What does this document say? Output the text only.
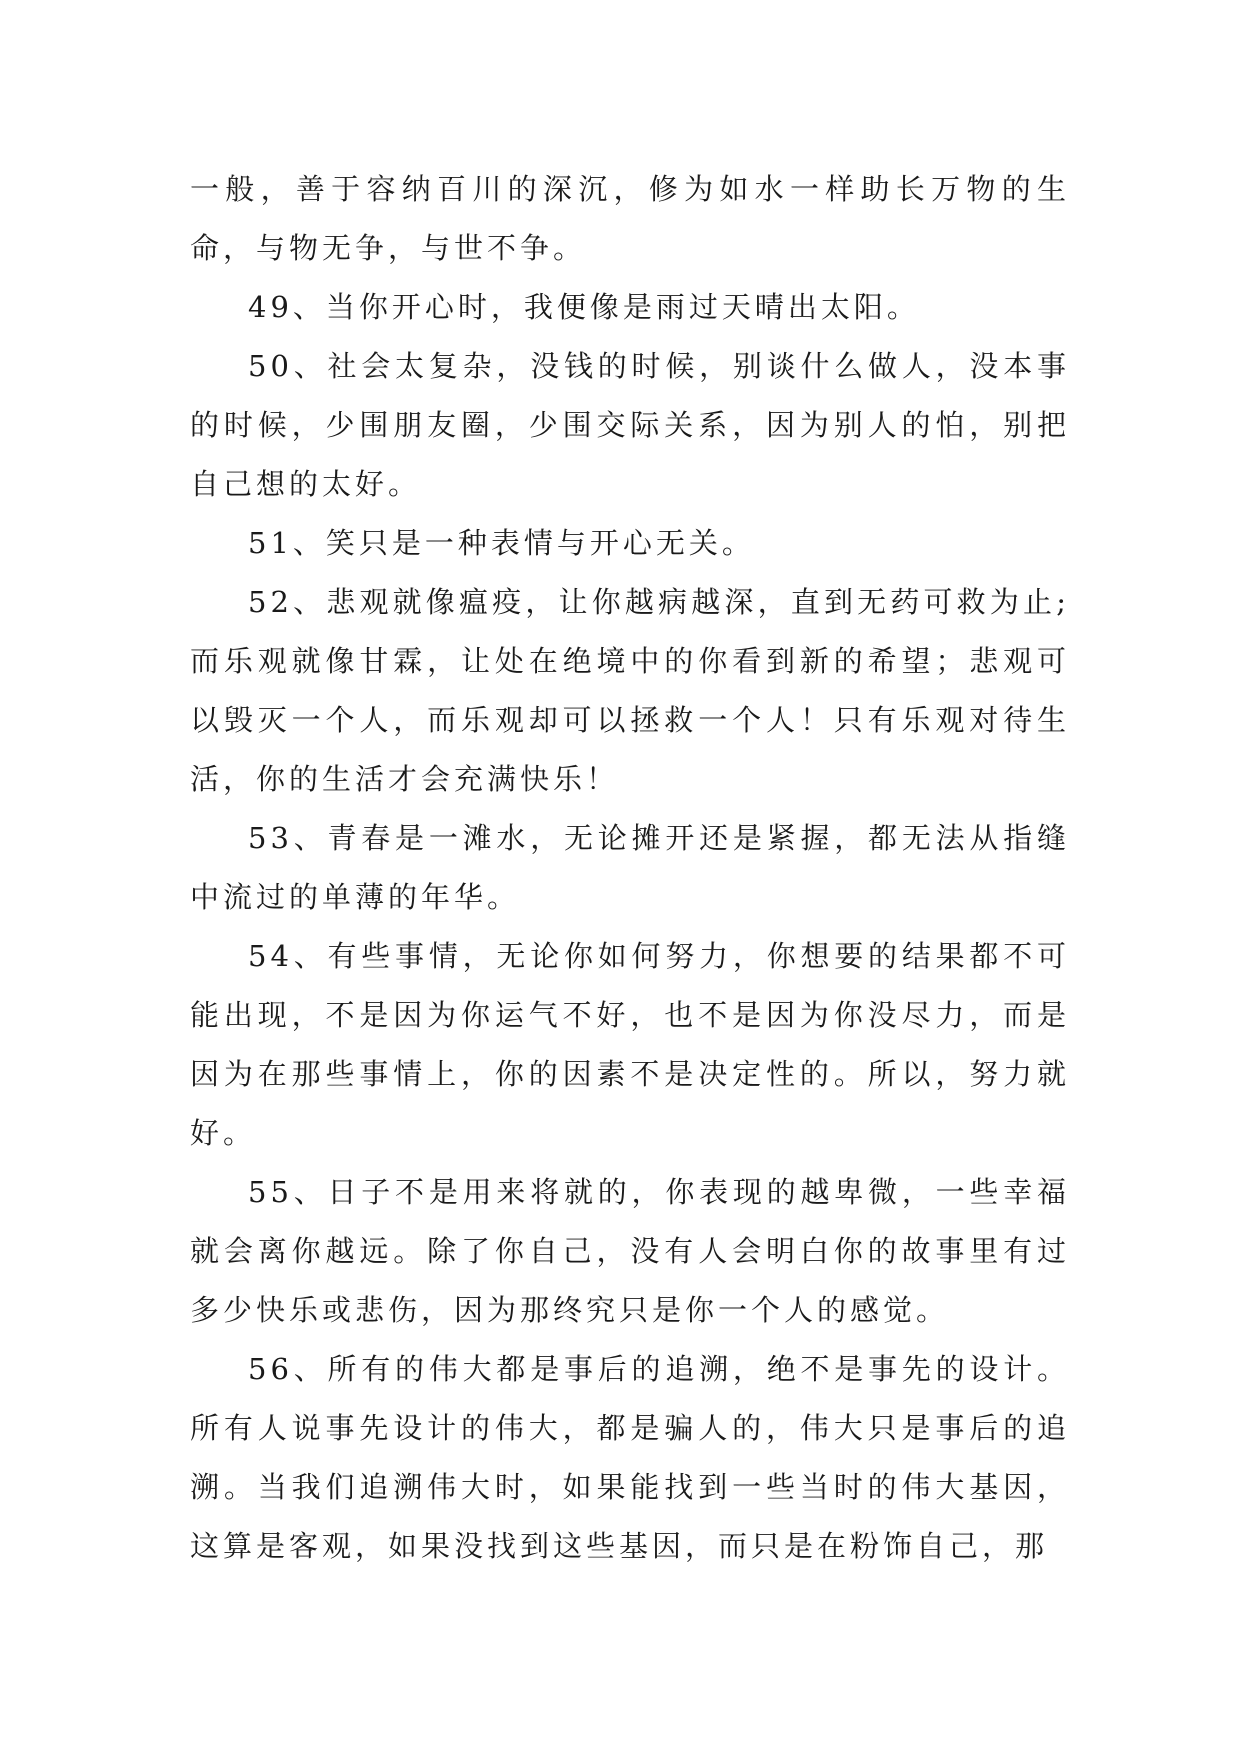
一般，善于容纳百川的深沉，修为如水一样助长万物的生命，与物无争，与世不争。

49、当你开心时，我便像是雨过天晴出太阳。

50、社会太复杂，没钱的时候，别谈什么做人，没本事的时候，少围朋友圈，少围交际关系，因为别人的怕，别把自己想的太好。

51、笑只是一种表情与开心无关。

52、悲观就像瘟疫，让你越病越深，直到无药可救为止;而乐观就像甘霖，让处在绝境中的你看到新的希望；悲观可以毁灭一个人，而乐观却可以拯救一个人！只有乐观对待生活，你的生活才会充满快乐！

53、青春是一滩水，无论摊开还是紧握，都无法从指缝中流过的单薄的年华。

54、有些事情，无论你如何努力，你想要的结果都不可能出现，不是因为你运气不好，也不是因为你没尽力，而是因为在那些事情上，你的因素不是决定性的。所以，努力就好。

55、日子不是用来将就的，你表现的越卑微，一些幸福就会离你越远。除了你自己，没有人会明白你的故事里有过多少快乐或悲伤，因为那终究只是你一个人的感觉。

56、所有的伟大都是事后的追溯，绝不是事先的设计。所有人说事先设计的伟大，都是骗人的，伟大只是事后的追溯。当我们追溯伟大时，如果能找到一些当时的伟大基因，这算是客观，如果没找到这些基因，而只是在粉饰自己，那
